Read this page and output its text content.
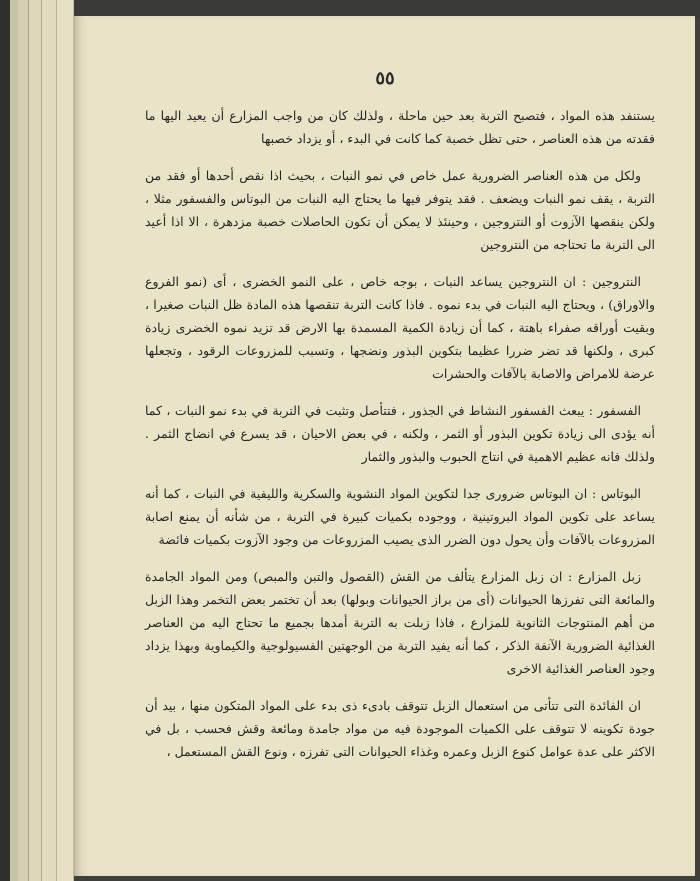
٥٥

يستنفد هذه المواد ، فتصبح التربة بعد حين ماحلة ، ولذلك كان من واجب المزارع أن يعيد اليها ما فقدته من هذه العناصر ، حتى تظل خصبة كما كانت في البدء ، أو يزداد خصبها

ولكل من هذه العناصر الضرورية عمل خاص في نمو النبات ، بحيث اذا نقص أحدها أو فقد من التربة ، يقف نمو النبات ويضعف . فقد يتوفر فيها ما يحتاج اليه النبات من البوتاس والفسفور مثلا ، ولكن ينقصها الآزوت أو النتروجين ، وحينئذ لا يمكن أن تكون الحاصلات خصبة مزدهرة ، الا اذا أعيد الى التربة ما تحتاجه من النتروجين

النتروجين : ان النتروجين يساعد النبات ، بوجه خاص ، على النمو الخضرى ، أى (نمو الفروع والاوراق) ، ويحتاج اليه النبات في بدء نموه . فاذا كانت التربة تنقصها هذه المادة ظل النبات صغيرا ، وبقيت أوراقه صفراء باهتة ، كما أن زيادة الكمية المسمدة بها الارض قد تزيد نموه الخضرى زيادة كبرى ، ولكنها قد تضر ضررا عظيما بتكوين البذور ونضجها ، وتسبب للمزروعات الرقود ، وتجعلها عرضة للامراض والاصابة بالآفات والحشرات

الفسفور : يبعث الفسفور النشاط في الجذور ، فتتأصل وتثبت في التربة في بدء نمو النبات ، كما أنه يؤدى الى زيادة تكوين البذور أو الثمر ، ولكنه ، في بعض الاحيان ، قد يسرع في انضاج الثمر . ولذلك فانه عظيم الاهمية في انتاج الحبوب والبذور والثمار

البوتاس : ان البوتاس ضرورى جدا لتكوين المواد النشوية والسكرية والليفية في النبات ، كما أنه يساعد على تكوين المواد البروتينية ، ووجوده بكميات كبيرة في التربة ، من شأنه أن يمنع اصابة المزروعات بالآفات وأن يحول دون الضرر الذى يصيب المزروعات من وجود الآزوت بكميات فائضة

زبل المزارع : ان زبل المزارع يتألف من القش (القصول والتبن والمبص) ومن المواد الجامدة والمائعة التى تفرزها الحيوانات (أى من براز الحيوانات وبولها) بعد أن تختمر بعض التخمر وهذا الزبل من أهم المنتوجات الثانوية للمزارع ، فاذا زبلت به التربة أمدها بجميع ما تحتاج اليه من العناصر الغذائية الضرورية الآنفة الذكر ، كما أنه يفيد التربة من الوجهتين الفسيولوجية والكيماوية وبهذا يزداد وجود العناصر الغذائية الاخرى

ان الفائدة التى تتأتى من استعمال الزبل تتوقف بادىء ذى بدء على المواد المتكون منها ، بيد أن جودة تكوينه لا تتوقف على الكميات الموجودة فيه من مواد جامدة ومائعة وقش فحسب ، بل في الاكثر على عدة عوامل كنوع الزبل وعمره وغذاء الحيوانات التى تفرزه ، ونوع القش المستعمل ،
